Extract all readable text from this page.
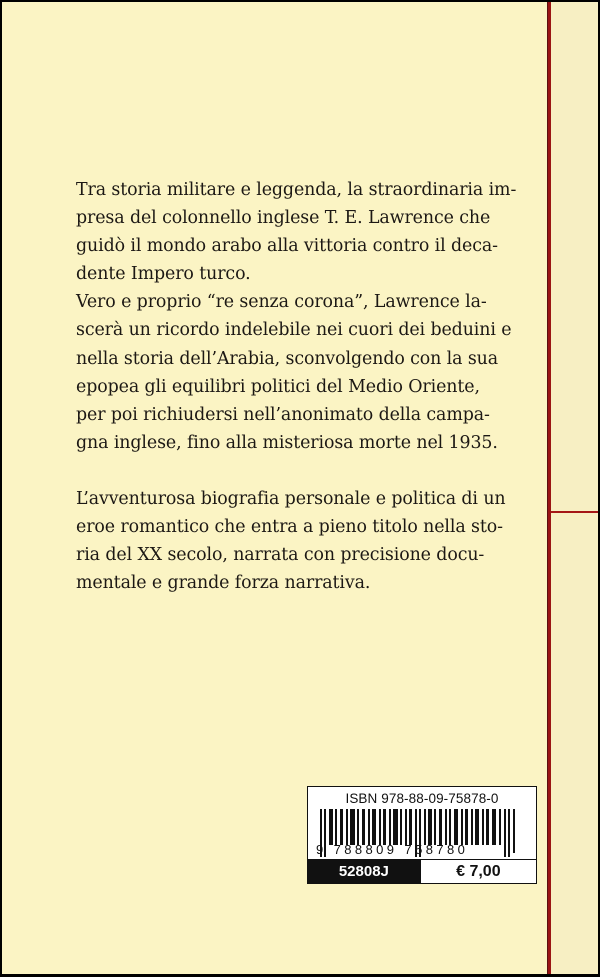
Tra storia militare e leggenda, la straordinaria im-
presa del colonnello inglese T. E. Lawrence che
guidò il mondo arabo alla vittoria contro il deca-
dente Impero turco.
Vero e proprio “re senza corona”, Lawrence la-
scerà un ricordo indelebile nei cuori dei beduini e
nella storia dell’Arabia, sconvolgendo con la sua
epopea gli equilibri politici del Medio Oriente,
per poi richiudersi nell’anonimato della campa-
gna inglese, fino alla misteriosa morte nel 1935.
L’avventurosa biografia personale e politica di un
eroe romantico che entra a pieno titolo nella sto-
ria del XX secolo, narrata con precisione docu-
mentale e grande forza narrativa.
ISBN 978-88-09-75878-0
9 788809 758780
52808J	€ 7,00
